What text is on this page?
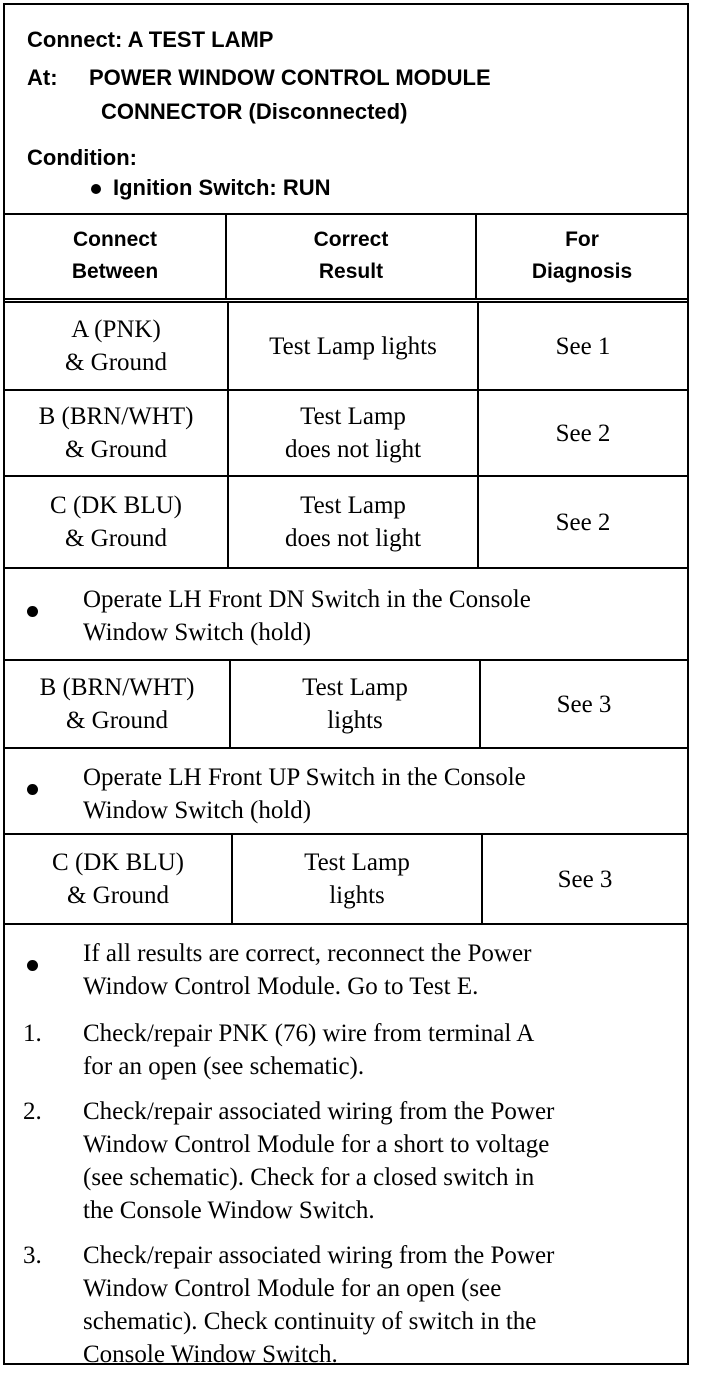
Connect: A TEST LAMP
At: POWER WINDOW CONTROL MODULE
CONNECTOR (Disconnected)
Condition:
Ignition Switch: RUN
Connect
Between
Correct
Result
For
Diagnosis
A (PNK)
& Ground
Test Lamp lights	See 1
B (BRN/WHT)
& Ground
Test Lamp
does not light
See 2
C (DK BLU)
& Ground
Test Lamp
does not light
See 2
Operate LH Front DN Switch in the Console
Window Switch (hold)
B (BRN/WHT)
& Ground
Test Lamp
lights
See 3
Operate LH Front UP Switch in the Console
Window Switch (hold)
C (DK BLU)
& Ground
Test Lamp
lights
See 3
If all results are correct, reconnect the Power
Window Control Module. Go to Test E.
1. Check/repair PNK (76) wire from terminal A
for an open (see schematic).
2. Check/repair associated wiring from the Power
Window Control Module for a short to voltage
(see schematic). Check for a closed switch in
the Console Window Switch.
3. Check/repair associated wiring from the Power
Window Control Module for an open (see
schematic). Check continuity of switch in the
Console Window Switch.
